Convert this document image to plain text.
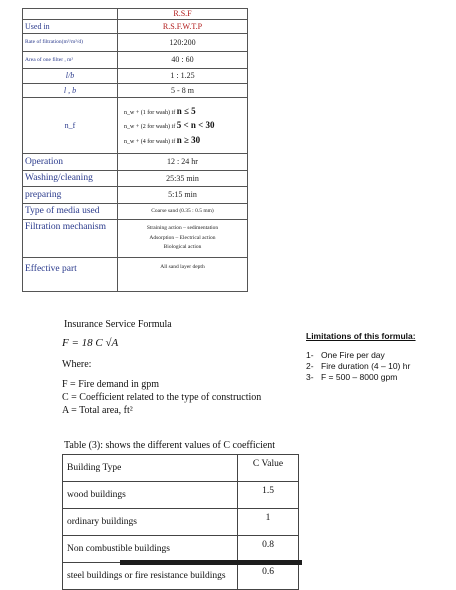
	R.S.F
Used in	R.S.F.W.T.P
Rate of filtration(m³/m²/d)	120:200
Area of one filter , m²	40 : 60
l/b	1 : 1.25
l , b	5 - 8 m
n_f	n_w + (1 for wash) if n ≤ 5
n_w + (2 for wash) if 5 < n < 30
n_w + (4 for wash) if n ≥ 30

Operation	12 : 24 hr
Washing/cleaning	25:35 min
preparing	5:15 min
Type of media used	Coarse sand (0.35 : 0.5 mm)
Filtration mechanism	Straining action – sedimentation
Adsorption – Electrical action
Biological action

Effective part	All sand layer depth
Insurance Service Formula
F = 18 C √A
Where:
F = Fire demand in gpm
C = Coefficient related to the type of construction
A = Total area, ft²
Limitations of this formula:
1- One Fire per day
2- Fire duration (4 – 10) hr
3- F = 500 – 8000 gpm
Table (3): shows the different values of C coefficient
Building Type	C Value
wood buildings	1.5
ordinary buildings	1
Non combustible buildings	0.8
steel buildings or fire resistance buildings	0.6
